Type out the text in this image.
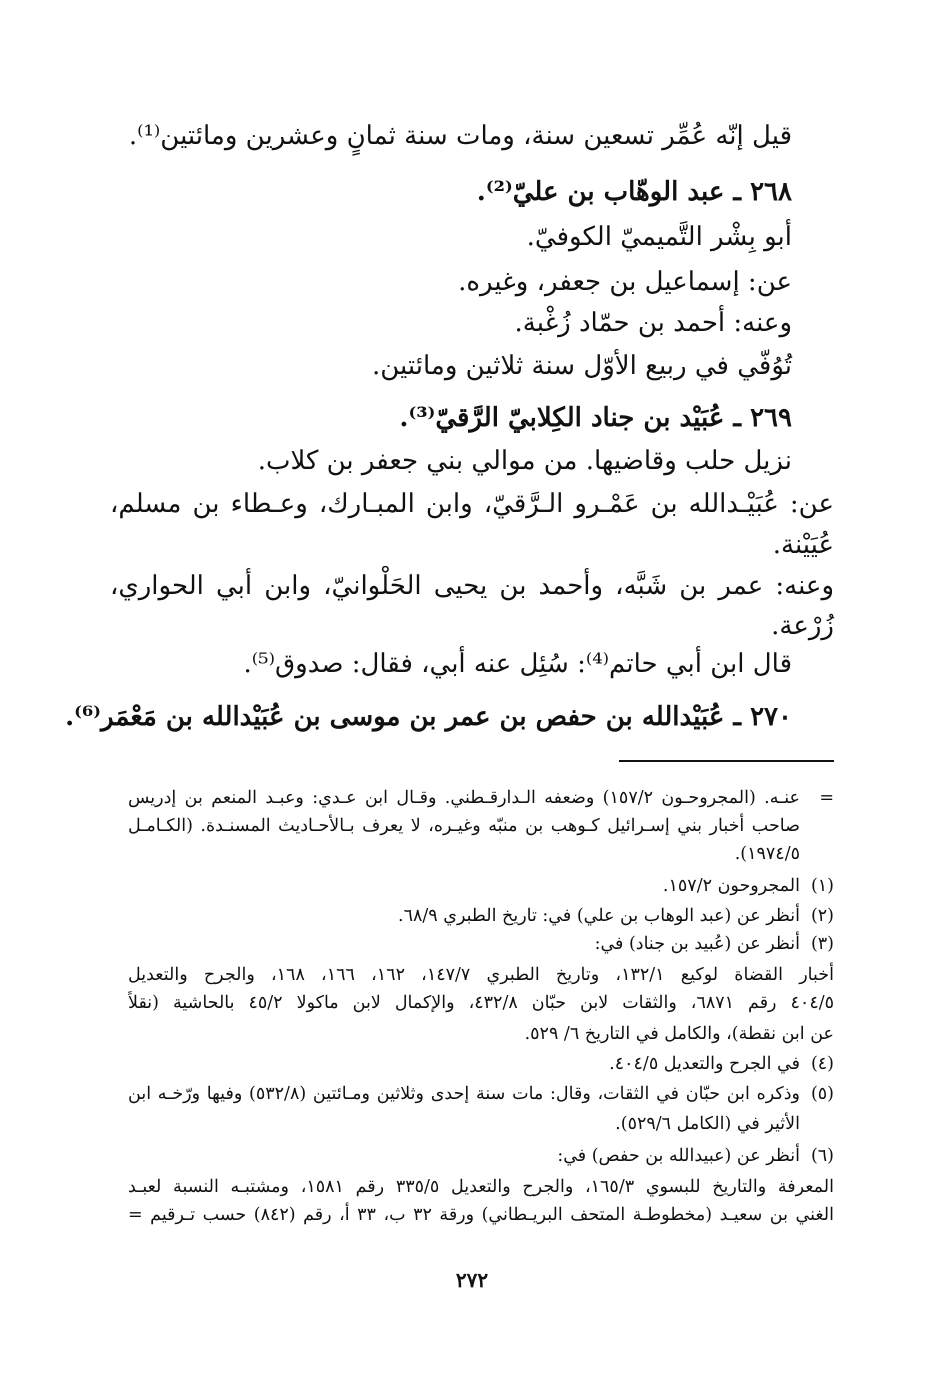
قيل إنّه عُمِّر تسعين سنة، ومات سنة ثمانٍ وعشرين ومائتين⁽¹⁾.
٢٦٨ ـ عبد الوهّاب بن عليّ⁽²⁾.
أبو بِشْر التَّميميّ الكوفيّ.
عن: إسماعيل بن جعفر، وغيره.
وعنه: أحمد بن حمّاد زُغْبة.
تُوُفّي في ربيع الأوّل سنة ثلاثين ومائتين.
٢٦٩ ـ عُبَيْد بن جناد الكِلابيّ الرَّقيّ⁽³⁾.
نزيل حلب وقاضيها. من موالي بني جعفر بن كلاب.
عن: عُبَيْـدالله بن عَمْـرو الـرَّقيّ، وابن المبـارك، وعـطاء بن مسلم،
عُيَيْنة.
وعنه: عمر بن شَبَّه، وأحمد بن يحيى الحَلْوانيّ، وابن أبي الحواري،
زُرْعة.
قال ابن أبي حاتم⁽⁴⁾: سُئِل عنه أبي، فقال: صدوق⁽⁵⁾.
٢٧٠ ـ عُبَيْدالله بن حفص بن عمر بن موسى بن عُبَيْدالله بن مَعْمَر⁽⁶⁾.
=عنـه. (المجروحـون ١٥٧/٢) وضعفه الـدارقـطني. وقـال ابن عـدي: وعبـد المنعم بن إدريس
صاحب أخبار بني إسـرائيل كـوهب بن منبّه وغيـره، لا يعرف بـالأحـاديث المسنـدة. (الكـامـل
١٩٧٤/٥).
(١)المجروحون ١٥٧/٢.
(٢)أنظر عن (عبد الوهاب بن علي) في: تاريخ الطبري ٦٨/٩.
(٣)أنظر عن (عُبيد بن جناد) في:
أخبار القضاة لوكيع ١٣٢/١، وتاريخ الطبري ١٤٧/٧، ١٦٢، ١٦٦، ١٦٨، والجرح والتعديل
٤٠٤/٥ رقم ٦٨٧١، والثقات لابن حبّان ٤٣٢/٨، والإكمال لابن ماكولا ٤٥/٢ بالحاشية (نقلاً
عن ابن نقطة)، والكامل في التاريخ ٦/ ٥٢٩.
(٤)في الجرح والتعديل ٤٠٤/٥.
(٥)وذكره ابن حبّان في الثقات، وقال: مات سنة إحدى وثلاثين ومـائتين (٥٣٢/٨) وفيها ورّخـه ابن
الأثير في (الكامل ٥٢٩/٦).
(٦)أنظر عن (عبيدالله بن حفص) في:
المعرفة والتاريخ للبسوي ١٦٥/٣، والجرح والتعديل ٣٣٥/٥ رقم ١٥٨١، ومشتبـه النسبة لعبـد
الغني بن سعيـد (مخطوطـة المتحف البريـطاني) ورقة ٣٢ ب، ٣٣ أ، رقم (٨٤٢) حسب تـرقيم =
٢٧٢
